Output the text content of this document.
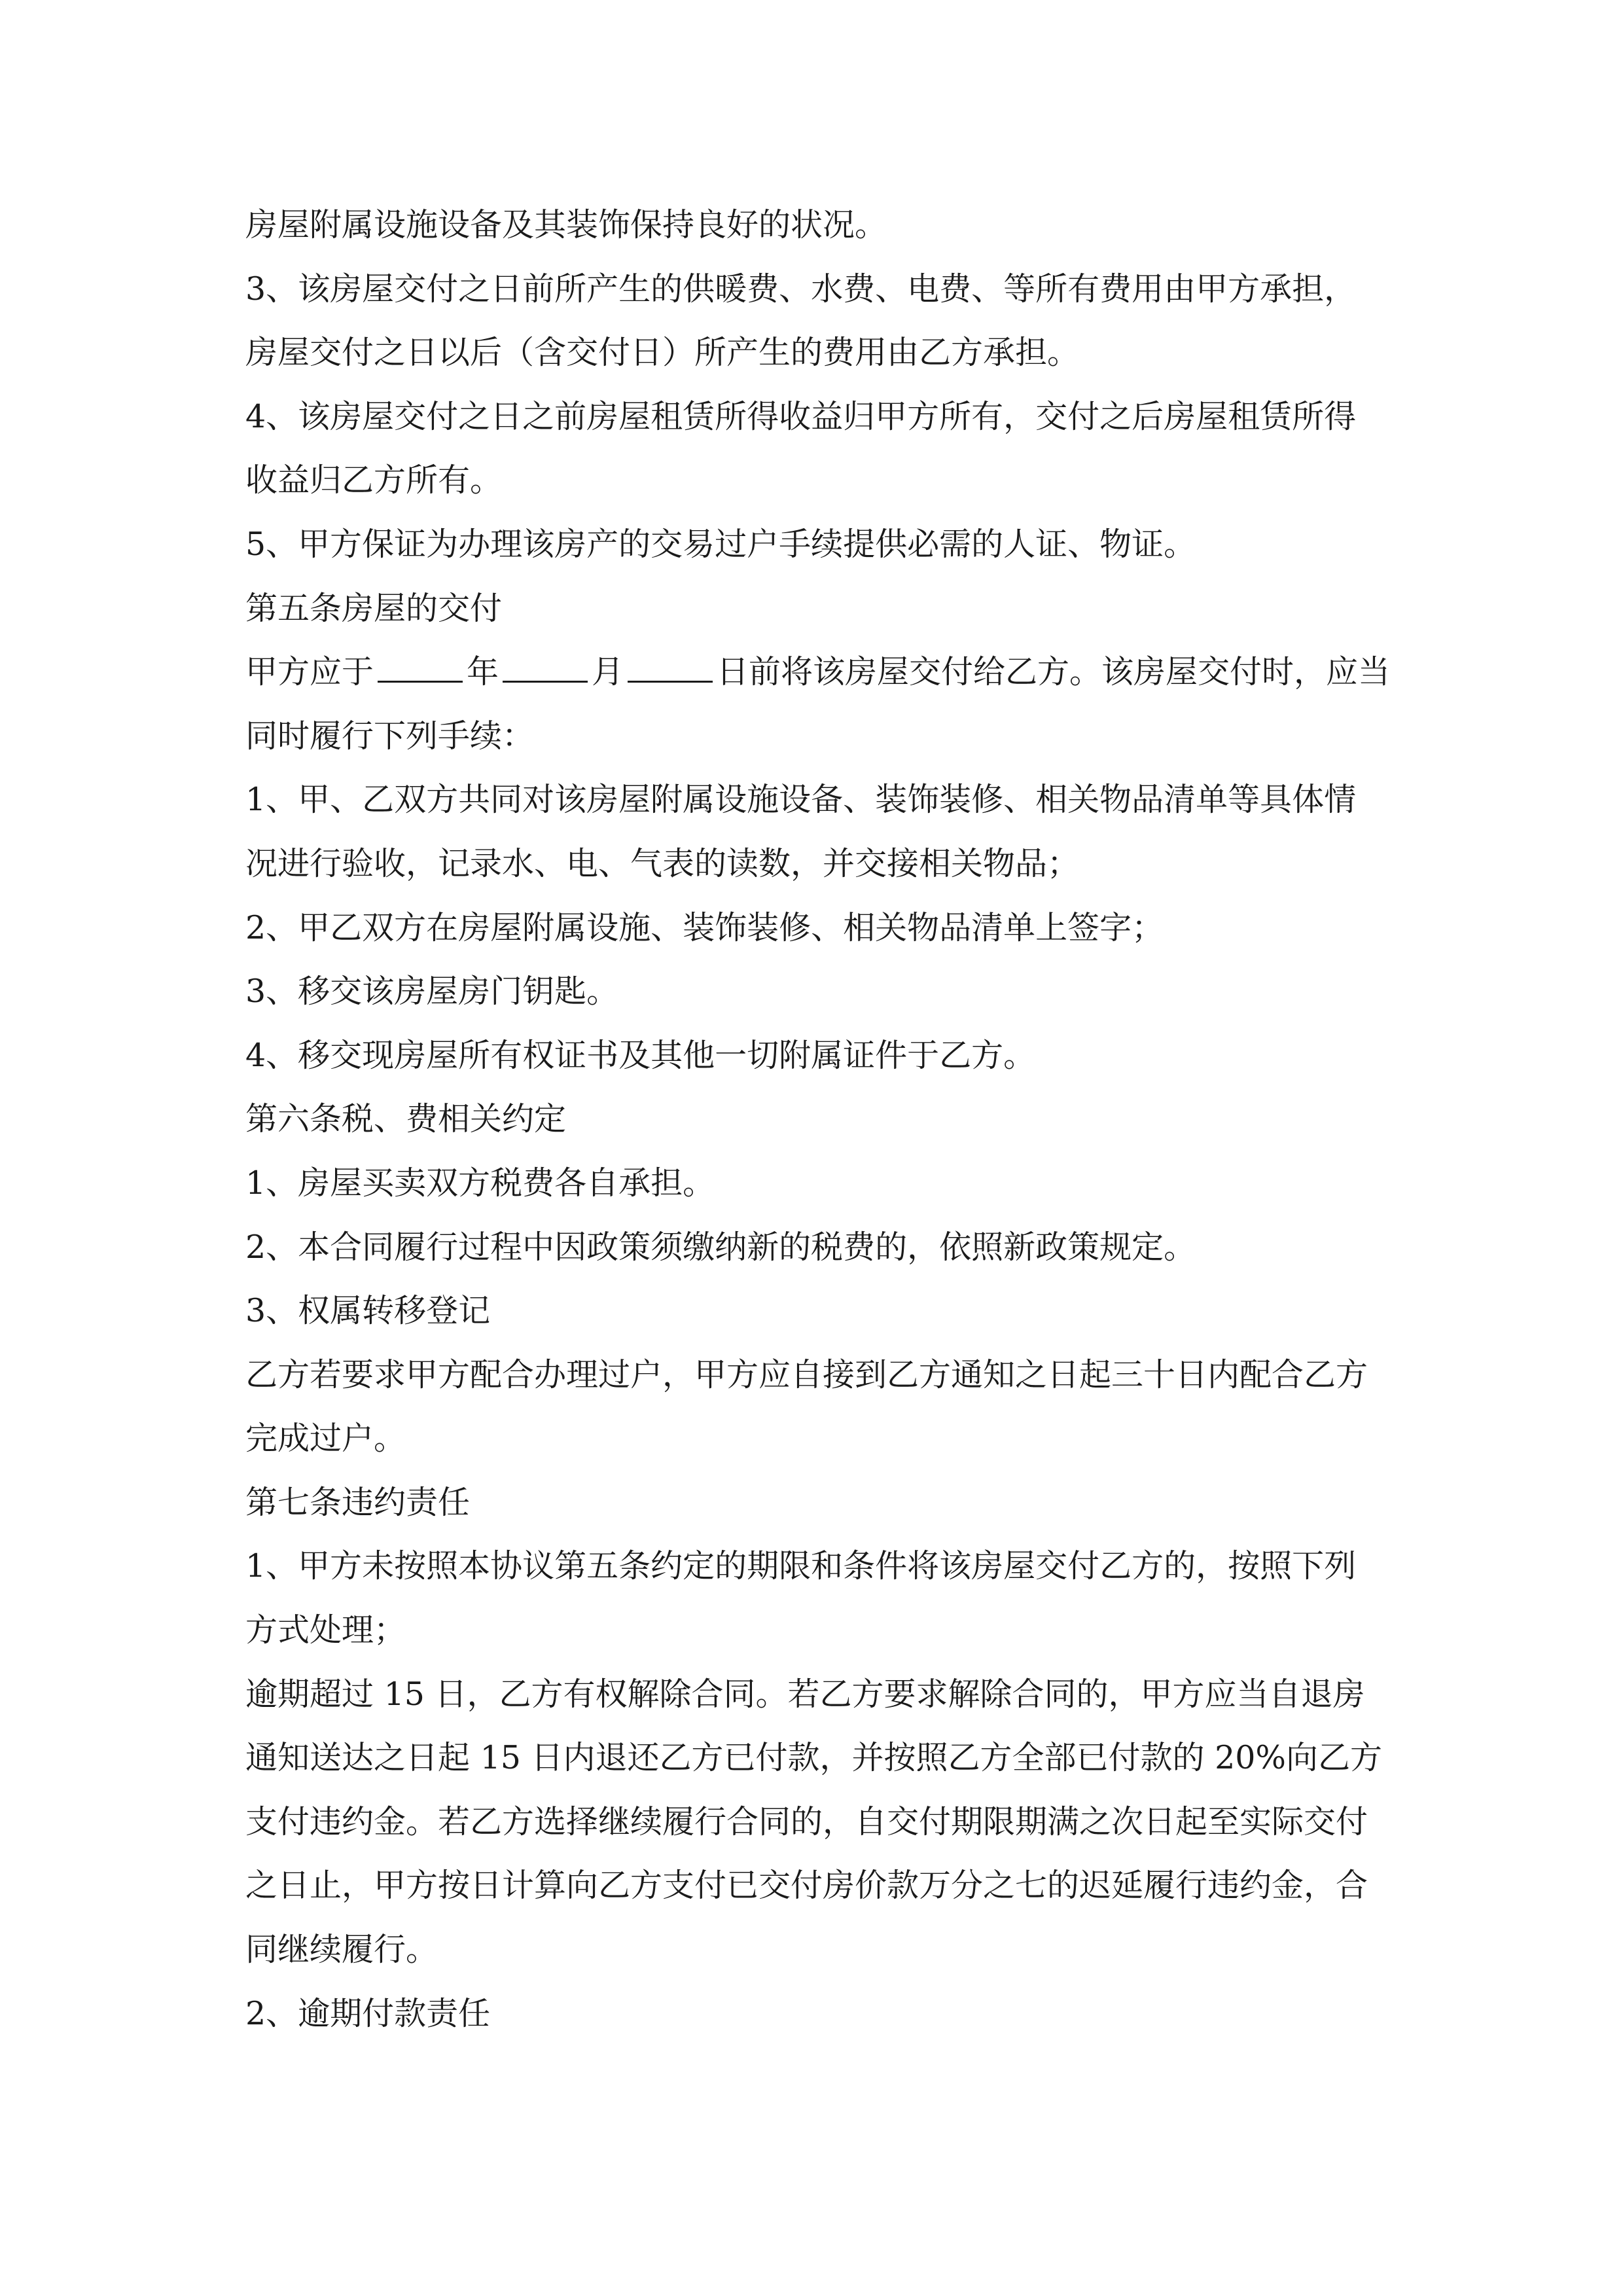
房屋附属设施设备及其装饰保持良好的状况。
3、该房屋交付之日前所产生的供暖费、水费、电费、等所有费用由甲方承担，
房屋交付之日以后（含交付日）所产生的费用由乙方承担。
4、该房屋交付之日之前房屋租赁所得收益归甲方所有，交付之后房屋租赁所得
收益归乙方所有。
5、甲方保证为办理该房产的交易过户手续提供必需的人证、物证。
第五条房屋的交付
甲方应于	年	月	日前将该房屋交付给乙方。该房屋交付时，应当
同时履行下列手续：
1、甲、乙双方共同对该房屋附属设施设备、装饰装修、相关物品清单等具体情
况进行验收，记录水、电、气表的读数，并交接相关物品；
2、甲乙双方在房屋附属设施、装饰装修、相关物品清单上签字；
3、移交该房屋房门钥匙。
4、移交现房屋所有权证书及其他一切附属证件于乙方。
第六条税、费相关约定
1、房屋买卖双方税费各自承担。
2、本合同履行过程中因政策须缴纳新的税费的，依照新政策规定。
3、权属转移登记
乙方若要求甲方配合办理过户，甲方应自接到乙方通知之日起三十日内配合乙方
完成过户。
第七条违约责任
1、甲方未按照本协议第五条约定的期限和条件将该房屋交付乙方的，按照下列
方式处理；
逾期超过 15 日，乙方有权解除合同。若乙方要求解除合同的，甲方应当自退房
通知送达之日起 15 日内退还乙方已付款，并按照乙方全部已付款的 20%向乙方
支付违约金。若乙方选择继续履行合同的，自交付期限期满之次日起至实际交付
之日止，甲方按日计算向乙方支付已交付房价款万分之七的迟延履行违约金，合
同继续履行。
2、逾期付款责任
